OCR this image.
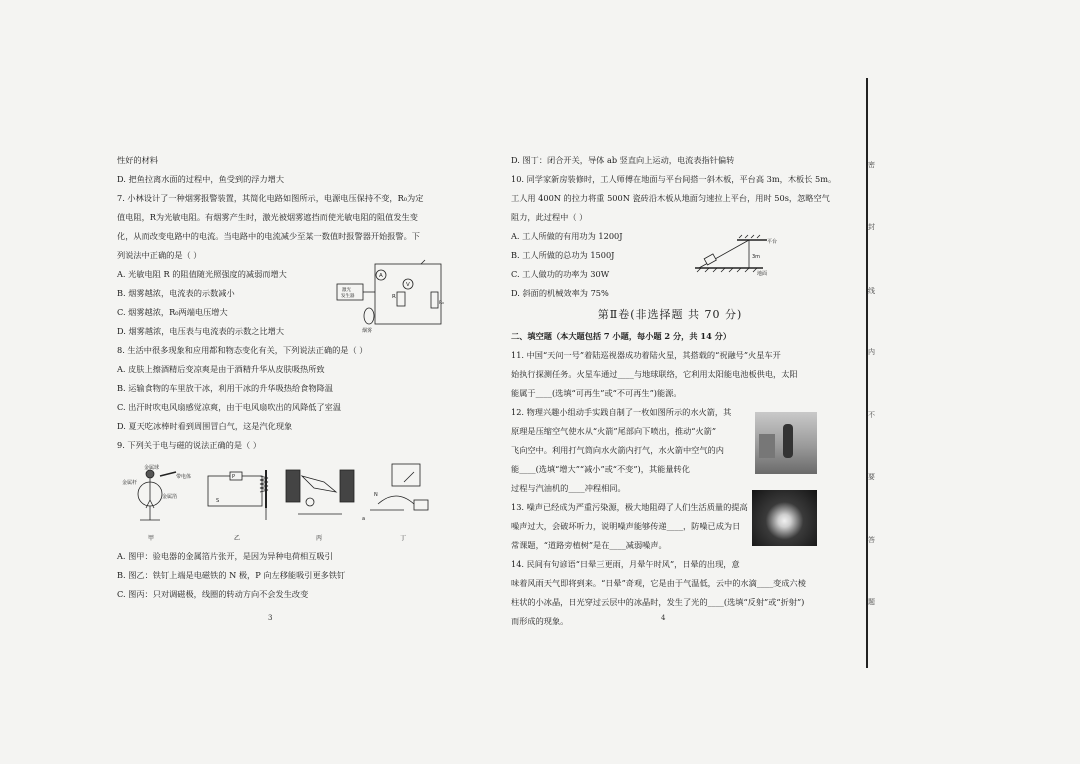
性好的材料

D. 把鱼拉离水面的过程中，鱼受到的浮力增大

7. 小林设计了一种烟雾报警装置，其简化电路如图所示，电源电压保持不变，R₀为定

值电阻，R为光敏电阻。有烟雾产生时，激光被烟雾遮挡而使光敏电阻的阻值发生变

化，从而改变电路中的电流。当电路中的电流减少至某一数值时报警器开始报警。下

列说法中正确的是（ ）

A. 光敏电阻 R 的阻值随光照强度的减弱而增大

B. 烟雾越浓，电流表的示数减小

C. 烟雾越浓，R₀两端电压增大

D. 烟雾越浓，电压表与电流表的示数之比增大

8. 生活中很多现象和应用都和物态变化有关，下列说法正确的是（ ）

A. 皮肤上擦酒精后变凉爽是由于酒精升华从皮肤吸热所致

B. 运输食物的车里放干冰，利用干冰的升华吸热给食物降温

C. 出汗时吹电风扇感觉凉爽，由于电风扇吹出的风降低了室温

D. 夏天吃冰棒时看到周围冒白气，这是汽化现象

9. 下列关于电与磁的说法正确的是（ ）

A
V
激光
发生器	R
R₀
烟雾
金属球
金属杆
带电体
金属箔
P
S
N
a
甲	乙	丙	丁

A. 图甲：验电器的金属箔片张开，是因为异种电荷相互吸引

B. 图乙：铁钉上端是电磁铁的 N 极，P 向左移能吸引更多铁钉

C. 图丙：只对调磁极，线圈的转动方向不会发生改变

3

D. 图丁：闭合开关，导体 ab 竖直向上运动，电流表指针偏转

10. 同学家新房装修时，工人师傅在地面与平台间搭一斜木板，平台高 3m，木板长 5m。

工人用 400N 的拉力将重 500N 瓷砖沿木板从地面匀速拉上平台，用时 50s，忽略空气

阻力，此过程中（ ）

A. 工人所做的有用功为 1200J

B. 工人所做的总功为 1500J

C. 工人做功的功率为 30W

D. 斜面的机械效率为 75%

第Ⅱ卷(非选择题 共 70 分)

二、填空题（本大题包括 7 小题，每小题 2 分，共 14 分）

11. 中国“天问一号”着陆巡视器成功着陆火星，其搭载的“祝融号”火星车开

始执行探测任务。火星车通过____与地球联络，它利用太阳能电池板供电，太阳

能属于____(选填“可再生”或“不可再生”)能源。

12. 物理兴趣小组动手实践自制了一枚如图所示的水火箭，其

原理是压缩空气使水从“火箭”尾部向下喷出，推动“火箭”

飞向空中。利用打气筒向水火箭内打气，水火箭中空气的内

能____(选填“增大”“减小”或“不变”)，其能量转化

过程与汽油机的____冲程相同。

13. 噪声已经成为严重污染源，极大地阻碍了人们生活质量的提高

噪声过大，会破坏听力，说明噪声能够传递____，防噪已成为日

常课题，“道路旁植树”是在____减弱噪声。

14. 民间有句谚语“日晕三更雨，月晕午时风”，日晕的出现，意

味着风雨天气即将到来。“日晕”奇观，它是由于气温低，云中的水滴____变成六棱

柱状的小冰晶，日光穿过云层中的冰晶时，发生了光的____(选填“反射”或“折射”)

而形成的现象。

平台
3m
地面
4
密
封
线
内
不
要
答
题
